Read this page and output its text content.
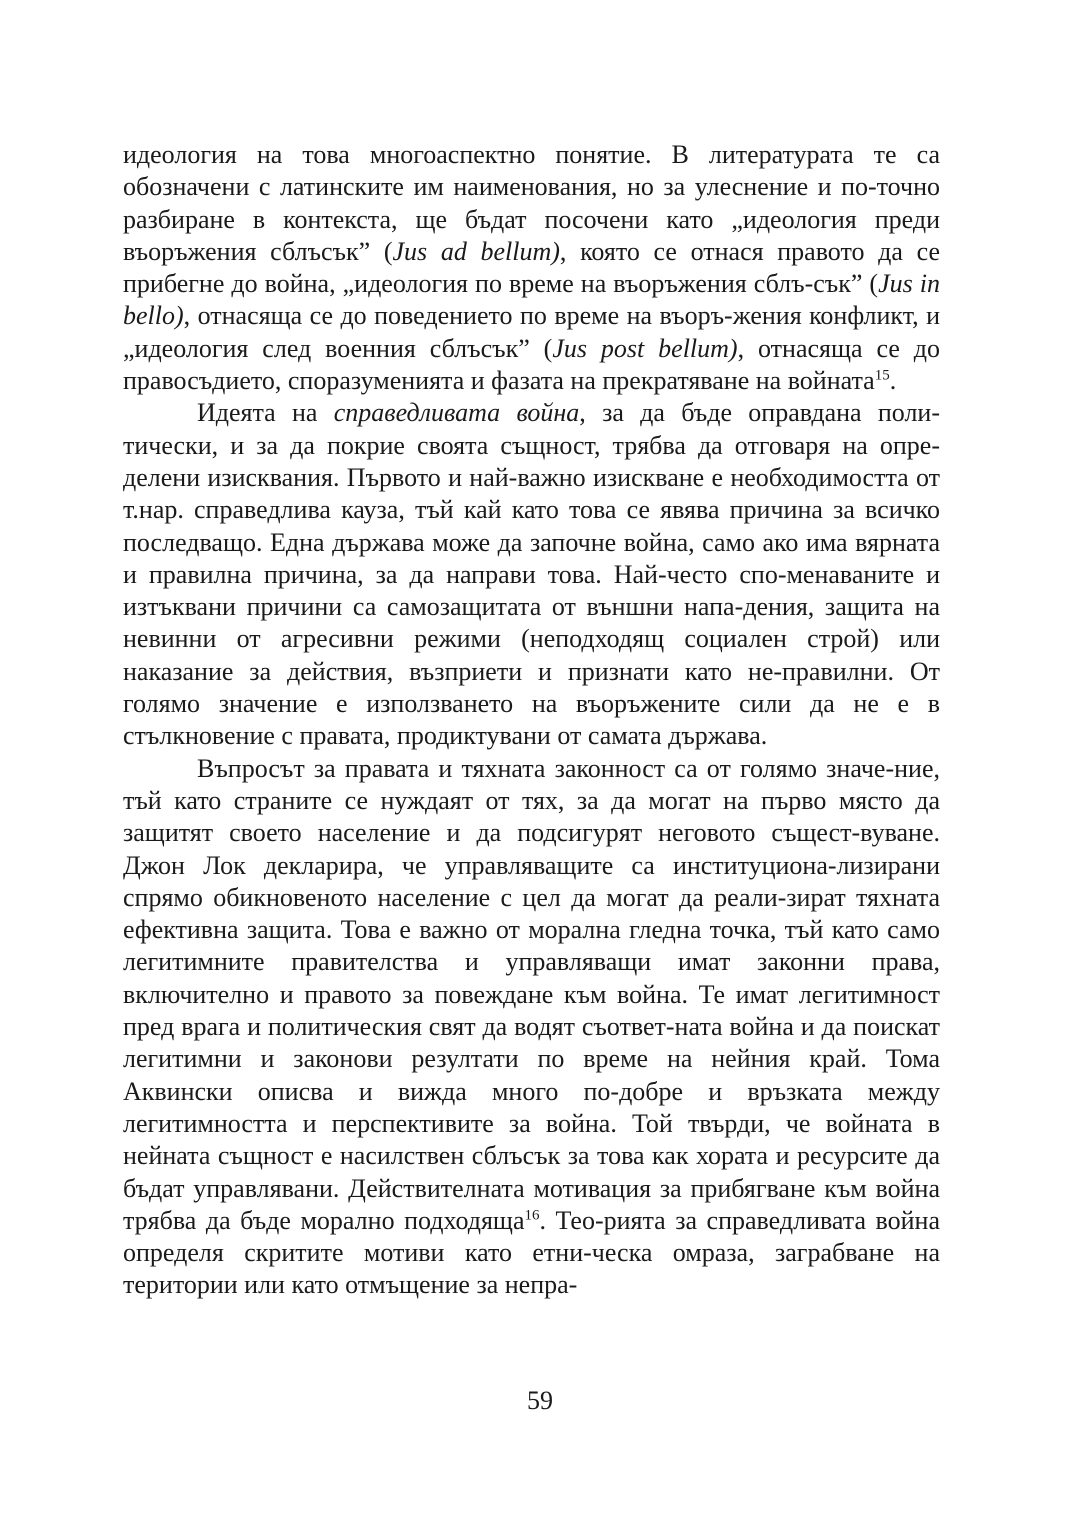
идеология на това многоаспектно понятие. В литературата те са обозначени с латинските им наименования, но за улеснение и по-точно разбиране в контекста, ще бъдат посочени като „идеология преди въоръжения сблъсък” (Jus ad bellum), която се отнася правото да се прибегне до война, „идеология по време на въоръжения сблъ-сък” (Jus in bello), отнасяща се до поведението по време на въоръ-жения конфликт, и „идеология след военния сблъсък” (Jus post bellum), отнасяща се до правосъдието, споразуменията и фазата на прекратяване на войната$^{15}$.

Идеята на справедливата война, за да бъде оправдана поли-тически, и за да покрие своята същност, трябва да отговаря на опре-делени изисквания. Първото и най-важно изискване е необходимостта от т.нар. справедлива кауза, тъй кай като това се явява причина за всичко последващо. Една държава може да започне война, само ако има вярната и правилна причина, за да направи това. Най-често спо-менаваните и изтъквани причини са самозащитата от външни напа-дения, защита на невинни от агресивни режими (неподходящ социален строй) или наказание за действия, възприети и признати като не-правилни. От голямо значение е използването на въоръжените сили да не е в стълкновение с правата, продиктувани от самата държава.

Въпросът за правата и тяхната законност са от голямо значе-ние, тъй като страните се нуждаят от тях, за да могат на първо място да защитят своето население и да подсигурят неговото същест-вуване. Джон Лок декларира, че управляващите са институциона-лизирани спрямо обикновеното население с цел да могат да реали-зират тяхната ефективна защита. Това е важно от морална гледна точка, тъй като само легитимните правителства и управляващи имат законни права, включително и правото за повеждане към война. Те имат легитимност пред врага и политическия свят да водят съответ-ната война и да поискат легитимни и законови резултати по време на нейния край. Тома Аквински описва и вижда много по-добре и връзката между легитимността и перспективите за война. Той твърди, че войната в нейната същност е насилствен сблъсък за това как хората и ресурсите да бъдат управлявани. Действителната мотивация за прибягване към война трябва да бъде морално подходяща$^{16}$. Тео-рията за справедливата война определя скритите мотиви като етни-ческа омраза, заграбване на територии или като отмъщение за непра-

59
